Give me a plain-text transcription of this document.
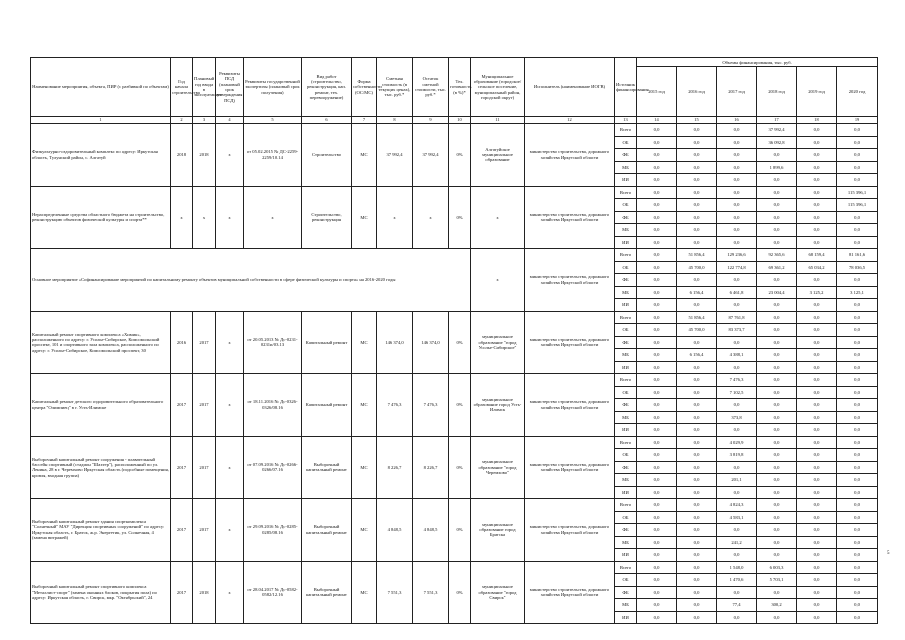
Наименование мероприятия, объекта, ПИР (с разбивкой по объектам)	Год начала строительства	Плановый год ввода в эксплуатацию	Реквизиты ПСД (плановый срок утверждения ПСД)	Реквизиты государственной экспертизы (плановый срок получения)	Вид работ (строительство, реконструкция, кап. ремонт, тех. перевооружение)	Форма собственности (ОС/МС)	Сметная стоимость (в текущих ценах), тыс. руб.*	Остаток сметной стоимости, тыс. руб.*	Тех. готовность (в %)*	Муниципальное образование (городское/сельское поселение, муниципальный район, городской округ)	Исполнитель (наименование ИОГВ)	Источник финансирования	Объемы финансирования, тыс. руб.					
													2015 год	2016 год	2017 год	2018 год	2019 год	2020 год
1	2	3	4	5	6	7	8	9	10	11	12	13	14	15	16	17	18	19
Физкультурно-оздоровительный комплекс по адресу: Иркутская область, Тулунский район, с. Алгатуй	2018	2018	х	от 05.02.2015 № ДС-2259-2259/10.14	Строительство	МС	37 992,4	37 992,4	0%	Алгатуйское муниципальное образование	министерство строительства, дорожного хозяйства Иркутской области	Всего	0,0	0,0	0,0	37 992,4	0,0	0,0
												ОБ	0,0	0,0	0,0	36 092,8	0,0	0,0
												ФБ	0,0	0,0	0,0	0,0	0,0	0,0
												МБ	0,0	0,0	0,0	1 899,6	0,0	0,0
												ИИ	0,0	0,0	0,0	0,0	0,0	0,0
Нераспределенные средства областного бюджета на строительство, реконструкцию объектов физической культуры и спорта**	х	х	х	х	Строительство, реконструкция	МС	х	х	0%	х	министерство строительства, дорожного хозяйства Иркутской области	Всего	0,0	0,0	0,0	0,0	0,0	115 396,1
												ОБ	0,0	0,0	0,0	0,0	0,0	115 396,1
												ФБ	0,0	0,0	0,0	0,0	0,0	0,0
												МБ	0,0	0,0	0,0	0,0	0,0	0,0
												ИИ	0,0	0,0	0,0	0,0	0,0	0,0
Основное мероприятие «Софинансирование мероприятий по капитальному ремонту объектов муниципальной собственности в сфере физической культуры и спорта» на 2016-2020 годы										х	министерство строительства, дорожного хозяйства Иркутской области	Всего	0,0	51 856,4	129 236,6	92 365,6	68 159,4	81 161,6
												ОБ	0,0	45 700,0	122 774,8	69 361,2	65 034,2	78 036,5
												ФБ	0,0	0,0	0,0	0,0	0,0	0,0
												МБ	0,0	6 156,4	6 461,8	23 004,4	3 125,2	3 125,1
												ИИ	0,0	0,0	0,0	0,0	0,0	0,0
Капитальный ремонт спортивного комплекса «Химик», расположенного по адресу: г. Усолье-Сибирское, Комсомольский проспект, 101 и спортивного зала комплекса, расположенного по адресу: г. Усолье-Сибирское, Комсомольский проспект, 30	2016	2017	х	от 20.05.2013 № Дс-0231-0231и/03.13	Капитальный ремонт	МС	146 374,0	146 374,0	0%	муниципальное образование "город Усолье-Сибирское"	министерство строительства, дорожного хозяйства Иркутской области	Всего	0,0	51 856,4	87 761,8	0,0	0,0	0,0
												ОБ	0,0	45 700,0	83 373,7	0,0	0,0	0,0
												ФБ	0,0	0,0	0,0	0,0	0,0	0,0
												МБ	0,0	6 156,4	4 388,1	0,0	0,0	0,0
												ИИ	0,0	0,0	0,0	0,0	0,0	0,0
Капитальный ремонт детского оздоровительного образовательного центра "Олимпиец" в г. Усть-Илимске	2017	2017	х	от 18.11.2016 № Дс-0326-0326/08.16	Капитальный ремонт	МС	7 476,3	7 476,3	0%	муниципальное образование город Усть-Илимск	министерство строительства, дорожного хозяйства Иркутской области	Всего	0,0	0,0	7 476,3	0,0	0,0	0,0
												ОБ	0,0	0,0	7 102,5	0,0	0,0	0,0
												ФБ	0,0	0,0	0,0	0,0	0,0	0,0
												МБ	0,0	0,0	373,8	0,0	0,0	0,0
												ИИ	0,0	0,0	0,0	0,0	0,0	0,0
Выборочный капитальный ремонт сооружения - плавательный бассейн спортивный (стадион "Шахтер"), расположенный по ул. Ленина, 28 в г. Черемхово Иркутская область (подсобные помещения, кровля, входная группа)	2017	2017	х	от 07.09.2016 № Дс-0266-0266/07.16	Выборочный капитальный ремонт	МС	8 226,7	8 226,7	0%	муниципальное образование "город Черемхово"	министерство строительства, дорожного хозяйства Иркутской области	Всего	0,0	0,0	4 029,9	0,0	0,0	0,0
												ОБ	0,0	0,0	3 819,8	0,0	0,0	0,0
												ФБ	0,0	0,0	0,0	0,0	0,0	0,0
												МБ	0,0	0,0	201,1	0,0	0,0	0,0
												ИИ	0,0	0,0	0,0	0,0	0,0	0,0
Выборочный капитальный ремонт здания спорткомплекса "Солнечный" МАУ "Дирекция спортивных сооружений" по адресу: Иркутская область, г. Братск, ж.р. Энергетик, ул. Солнечная, 4 (замена витражей)	2017	2017	х	от 29.09.2016 № Дс-0285-0285/08.16	Выборочный капитальный ремонт	МС	4 848,5	4 848,5	0%	муниципальное образование город Братска	министерство строительства, дорожного хозяйства Иркутской области	Всего	0,0	0,0	4 824,3	0,0	0,0	0,0
												ОБ	0,0	0,0	4 583,1	0,0	0,0	0,0
												ФБ	0,0	0,0	0,0	0,0	0,0	0,0
												МБ	0,0	0,0	241,2	0,0	0,0	0,0
												ИИ	0,0	0,0	0,0	0,0	0,0	0,0
Выборочный капитальный ремонт спортивного комплекса "Металлист-спорт" (замена оконных блоков, покрытия пола) по адресу: Иркутская область, г. Свирск, мкр. "Октябрьский", 24	2017	2018	х	от 28.04.2017 № Дс-0582-0582/12.16	Выборочный капитальный ремонт	МС	7 551,3	7 551,3	0%	муниципальное образование "город Свирск"	министерство строительства, дорожного хозяйства Иркутской области	Всего	0,0	0,0	1 548,0	6 003,3	0,0	0,0
												ОБ	0,0	0,0	1 470,6	5 703,1	0,0	0,0
												ФБ	0,0	0,0	0,0	0,0	0,0	0,0
												МБ	0,0	0,0	77,4	300,2	0,0	0,0
												ИИ	0,0	0,0	0,0	0,0	0,0	0,0
5
